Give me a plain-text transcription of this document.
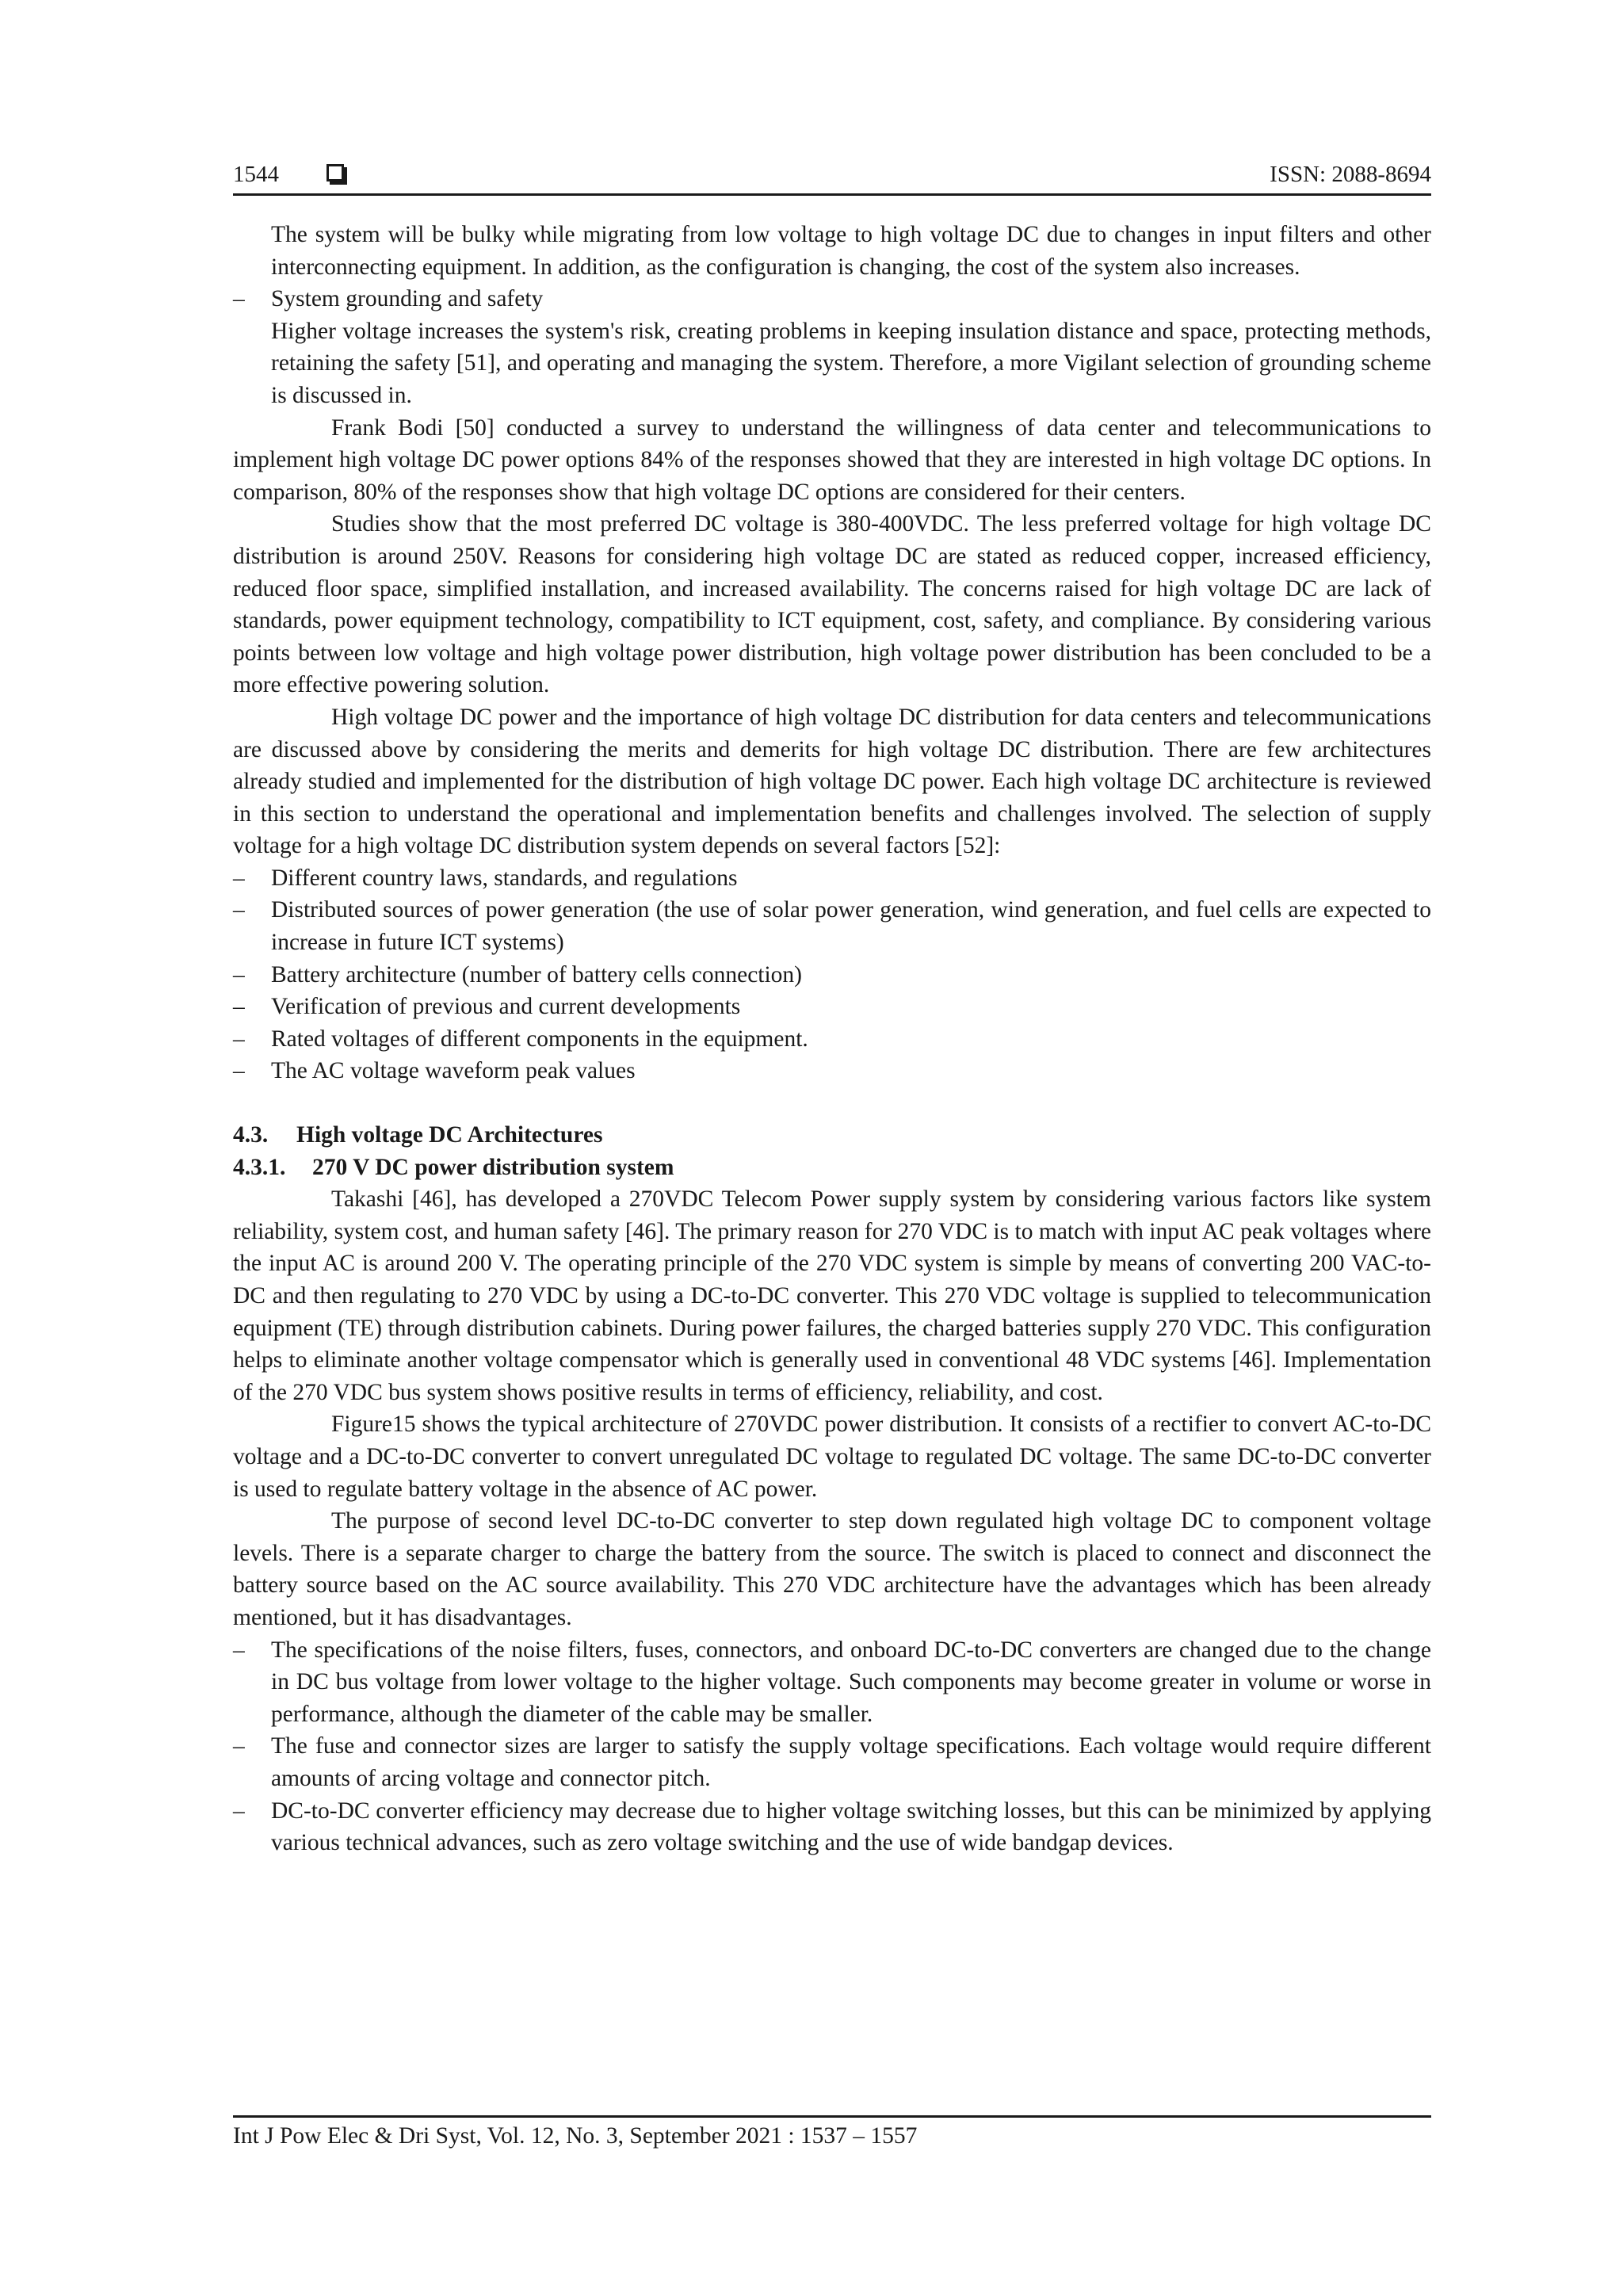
1544	ISSN: 2088-8694

The system will be bulky while migrating from low voltage to high voltage DC due to changes in input filters and other interconnecting equipment. In addition, as the configuration is changing, the cost of the system also increases.

– System grounding and safety

Higher voltage increases the system's risk, creating problems in keeping insulation distance and space, protecting methods, retaining the safety [51], and operating and managing the system. Therefore, a more Vigilant selection of grounding scheme is discussed in.

Frank Bodi [50] conducted a survey to understand the willingness of data center and telecommunications to implement high voltage DC power options 84% of the responses showed that they are interested in high voltage DC options. In comparison, 80% of the responses show that high voltage DC options are considered for their centers.

Studies show that the most preferred DC voltage is 380-400VDC. The less preferred voltage for high voltage DC distribution is around 250V. Reasons for considering high voltage DC are stated as reduced copper, increased efficiency, reduced floor space, simplified installation, and increased availability. The concerns raised for high voltage DC are lack of standards, power equipment technology, compatibility to ICT equipment, cost, safety, and compliance. By considering various points between low voltage and high voltage power distribution, high voltage power distribution has been concluded to be a more effective powering solution.

High voltage DC power and the importance of high voltage DC distribution for data centers and telecommunications are discussed above by considering the merits and demerits for high voltage DC distribution. There are few architectures already studied and implemented for the distribution of high voltage DC power. Each high voltage DC architecture is reviewed in this section to understand the operational and implementation benefits and challenges involved. The selection of supply voltage for a high voltage DC distribution system depends on several factors [52]:

– Different country laws, standards, and regulations
– Distributed sources of power generation (the use of solar power generation, wind generation, and fuel cells are expected to increase in future ICT systems)
– Battery architecture (number of battery cells connection)
– Verification of previous and current developments
– Rated voltages of different components in the equipment.
– The AC voltage waveform peak values

4.3. High voltage DC Architectures

4.3.1. 270 V DC power distribution system

Takashi [46], has developed a 270VDC Telecom Power supply system by considering various factors like system reliability, system cost, and human safety [46]. The primary reason for 270 VDC is to match with input AC peak voltages where the input AC is around 200 V. The operating principle of the 270 VDC system is simple by means of converting 200 VAC-to-DC and then regulating to 270 VDC by using a DC-to-DC converter. This 270 VDC voltage is supplied to telecommunication equipment (TE) through distribution cabinets. During power failures, the charged batteries supply 270 VDC. This configuration helps to eliminate another voltage compensator which is generally used in conventional 48 VDC systems [46]. Implementation of the 270 VDC bus system shows positive results in terms of efficiency, reliability, and cost.

Figure15 shows the typical architecture of 270VDC power distribution. It consists of a rectifier to convert AC-to-DC voltage and a DC-to-DC converter to convert unregulated DC voltage to regulated DC voltage. The same DC-to-DC converter is used to regulate battery voltage in the absence of AC power.

The purpose of second level DC-to-DC converter to step down regulated high voltage DC to component voltage levels. There is a separate charger to charge the battery from the source. The switch is placed to connect and disconnect the battery source based on the AC source availability. This 270 VDC architecture have the advantages which has been already mentioned, but it has disadvantages.

– The specifications of the noise filters, fuses, connectors, and onboard DC-to-DC converters are changed due to the change in DC bus voltage from lower voltage to the higher voltage. Such components may become greater in volume or worse in performance, although the diameter of the cable may be smaller.
– The fuse and connector sizes are larger to satisfy the supply voltage specifications. Each voltage would require different amounts of arcing voltage and connector pitch.
– DC-to-DC converter efficiency may decrease due to higher voltage switching losses, but this can be minimized by applying various technical advances, such as zero voltage switching and the use of wide bandgap devices.
Int J Pow Elec & Dri Syst, Vol. 12, No. 3, September 2021 : 1537 – 1557
